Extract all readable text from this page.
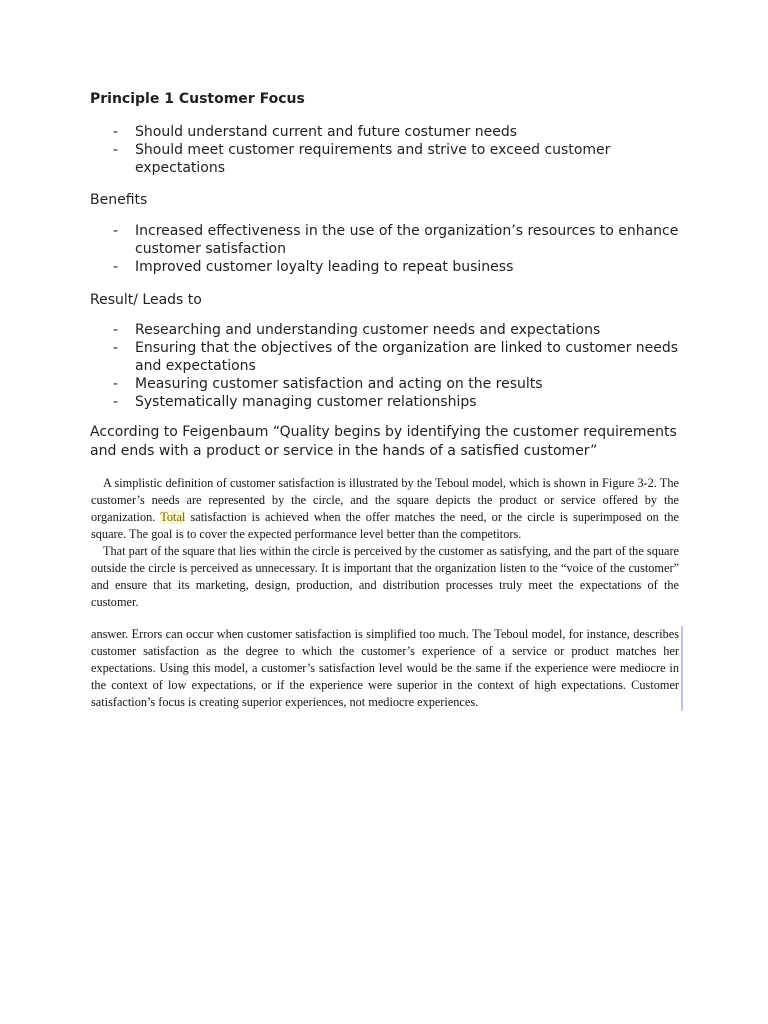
Principle 1 Customer Focus
- Should understand current and future costumer needs
- Should meet customer requirements and strive to exceed customer expectations
Benefits
- Increased effectiveness in the use of the organization’s resources to enhance customer satisfaction
- Improved customer loyalty leading to repeat business
Result/ Leads to
- Researching and understanding customer needs and expectations
- Ensuring that the objectives of the organization are linked to customer needs and expectations
- Measuring customer satisfaction and acting on the results
- Systematically managing customer relationships
According to Feigenbaum “Quality begins by identifying the customer requirements and ends with a product or service in the hands of a satisfied customer”

A simplistic definition of customer satisfaction is illustrated by the Teboul model, which is shown in Figure 3-2. The customer’s needs are represented by the circle, and the square depicts the product or service offered by the organization. Total satisfaction is achieved when the offer matches the need, or the circle is superimposed on the square. The goal is to cover the expected performance level better than the competitors.

That part of the square that lies within the circle is perceived by the customer as satisfying, and the part of the square outside the circle is perceived as unnecessary. It is important that the organization listen to the “voice of the customer” and ensure that its marketing, design, production, and distribution processes truly meet the expectations of the customer.

answer. Errors can occur when customer satisfaction is simplified too much. The Teboul model, for instance, describes customer satisfaction as the degree to which the customer’s experience of a service or product matches her expectations. Using this model, a customer’s satisfaction level would be the same if the experience were mediocre in the context of low expectations, or if the experience were superior in the context of high expectations. Customer satisfaction’s focus is creating superior experiences, not mediocre experiences.
